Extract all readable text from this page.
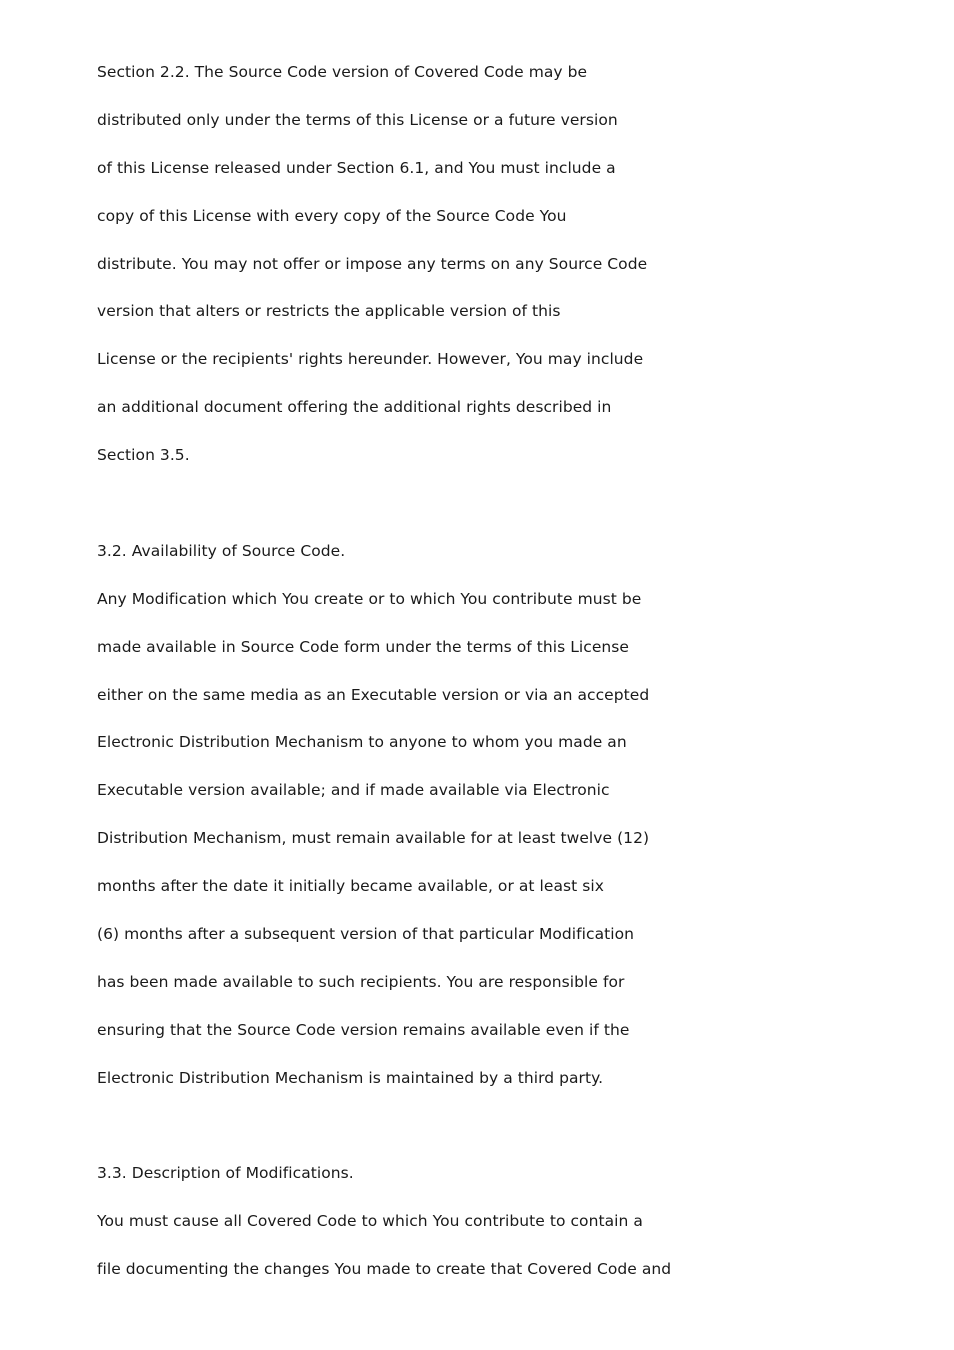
Section 2.2. The Source Code version of Covered Code may be
distributed only under the terms of this License or a future version
of this License released under Section 6.1, and You must include a
copy of this License with every copy of the Source Code You
distribute. You may not offer or impose any terms on any Source Code
version that alters or restricts the applicable version of this
License or the recipients' rights hereunder. However, You may include
an additional document offering the additional rights described in
Section 3.5.
3.2. Availability of Source Code.
Any Modification which You create or to which You contribute must be
made available in Source Code form under the terms of this License
either on the same media as an Executable version or via an accepted
Electronic Distribution Mechanism to anyone to whom you made an
Executable version available; and if made available via Electronic
Distribution Mechanism, must remain available for at least twelve (12)
months after the date it initially became available, or at least six
(6) months after a subsequent version of that particular Modification
has been made available to such recipients. You are responsible for
ensuring that the Source Code version remains available even if the
Electronic Distribution Mechanism is maintained by a third party.
3.3. Description of Modifications.
You must cause all Covered Code to which You contribute to contain a
file documenting the changes You made to create that Covered Code and
